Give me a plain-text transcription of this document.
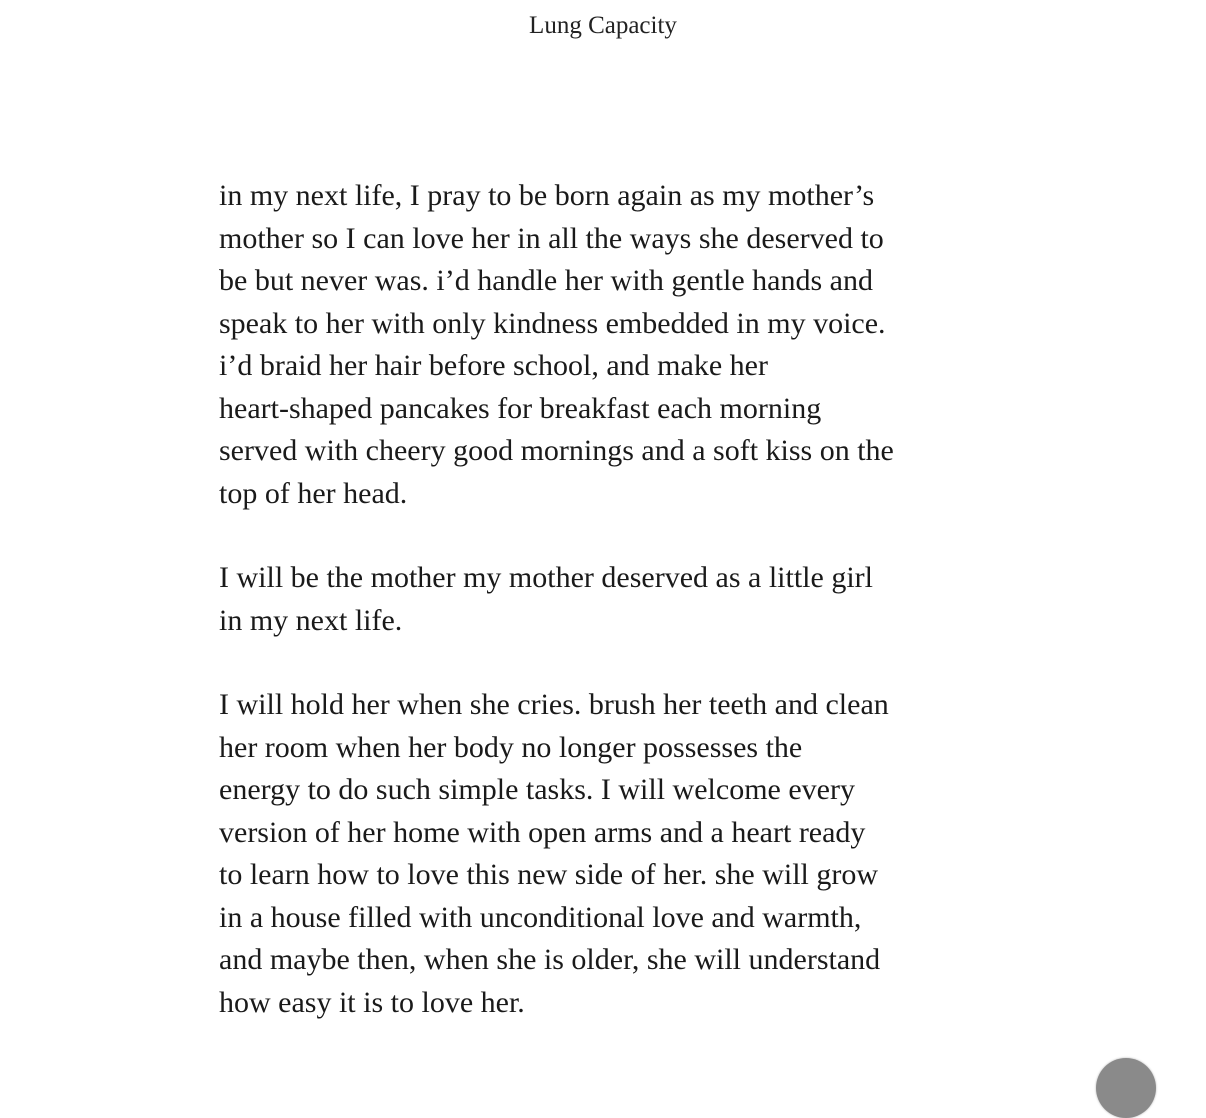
Lung Capacity

in my next life, I pray to be born again as my mother’s
mother so I can love her in all the ways she deserved to
be but never was. i’d handle her with gentle hands and
speak to her with only kindness embedded in my voice.
i’d braid her hair before school, and make her
heart-shaped pancakes for breakfast each morning
served with cheery good mornings and a soft kiss on the
top of her head.

I will be the mother my mother deserved as a little girl
in my next life.

I will hold her when she cries. brush her teeth and clean
her room when her body no longer possesses the
energy to do such simple tasks. I will welcome every
version of her home with open arms and a heart ready
to learn how to love this new side of her. she will grow
in a house filled with unconditional love and warmth,
and maybe then, when she is older, she will understand
how easy it is to love her.
